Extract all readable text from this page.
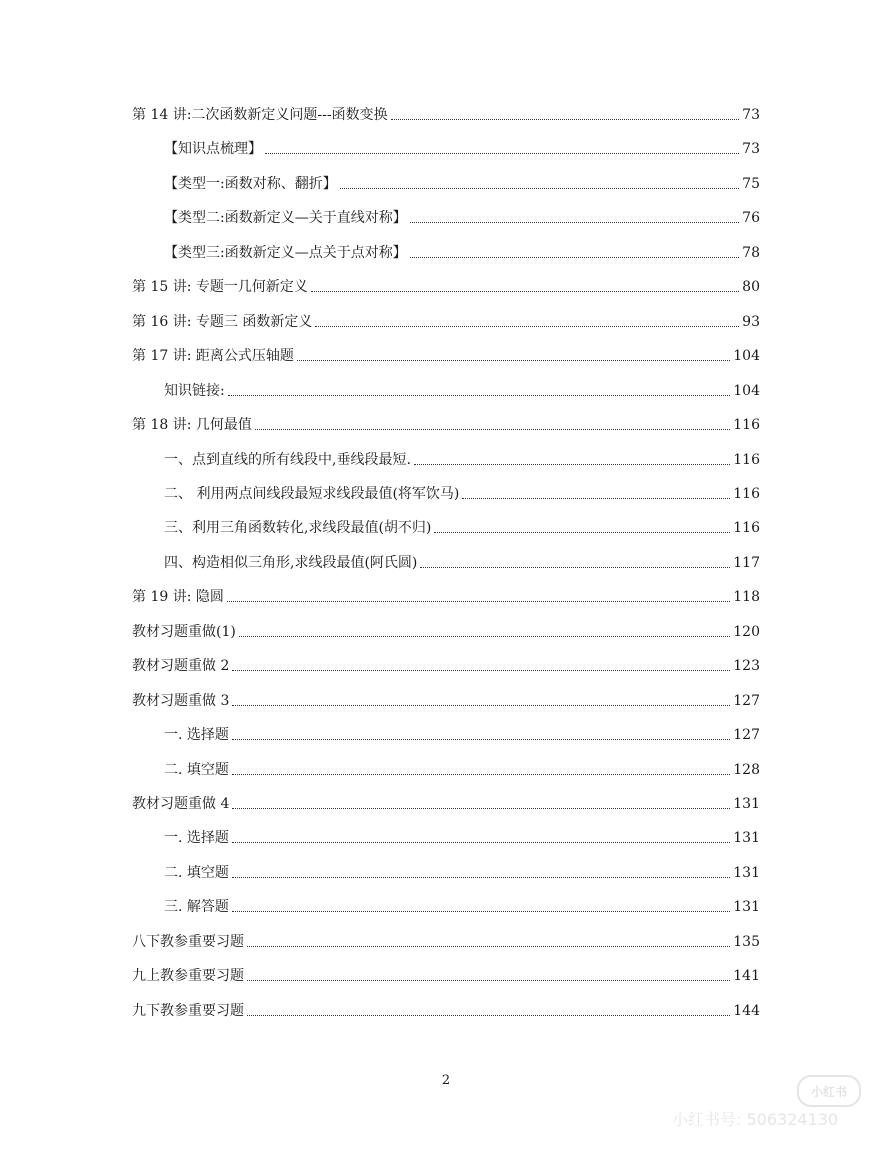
第 14 讲:二次函数新定义问题---函数变换	73
【知识点梳理】	73
【类型一:函数对称、翻折】	75
【类型二:函数新定义—关于直线对称】	76
【类型三:函数新定义—点关于点对称】	78
第 15 讲: 专题一几何新定义	80
第 16 讲: 专题三 函数新定义	93
第 17 讲: 距离公式压轴题	104
知识链接:	104
第 18 讲: 几何最值	116
一、点到直线的所有线段中,垂线段最短.	116
二、 利用两点间线段最短求线段最值(将军饮马)	116
三、利用三角函数转化,求线段最值(胡不归)	116
四、构造相似三角形,求线段最值(阿氏圆)	117
第 19 讲: 隐圆	118
教材习题重做(1)	120
教材习题重做 2	123
教材习题重做 3	127
一. 选择题	127
二. 填空题	128
教材习题重做 4	131
一. 选择题	131
二. 填空题	131
三. 解答题	131
八下教参重要习题	135
九上教参重要习题	141
九下教参重要习题	144
2
小红书
小红书号: 506324130
